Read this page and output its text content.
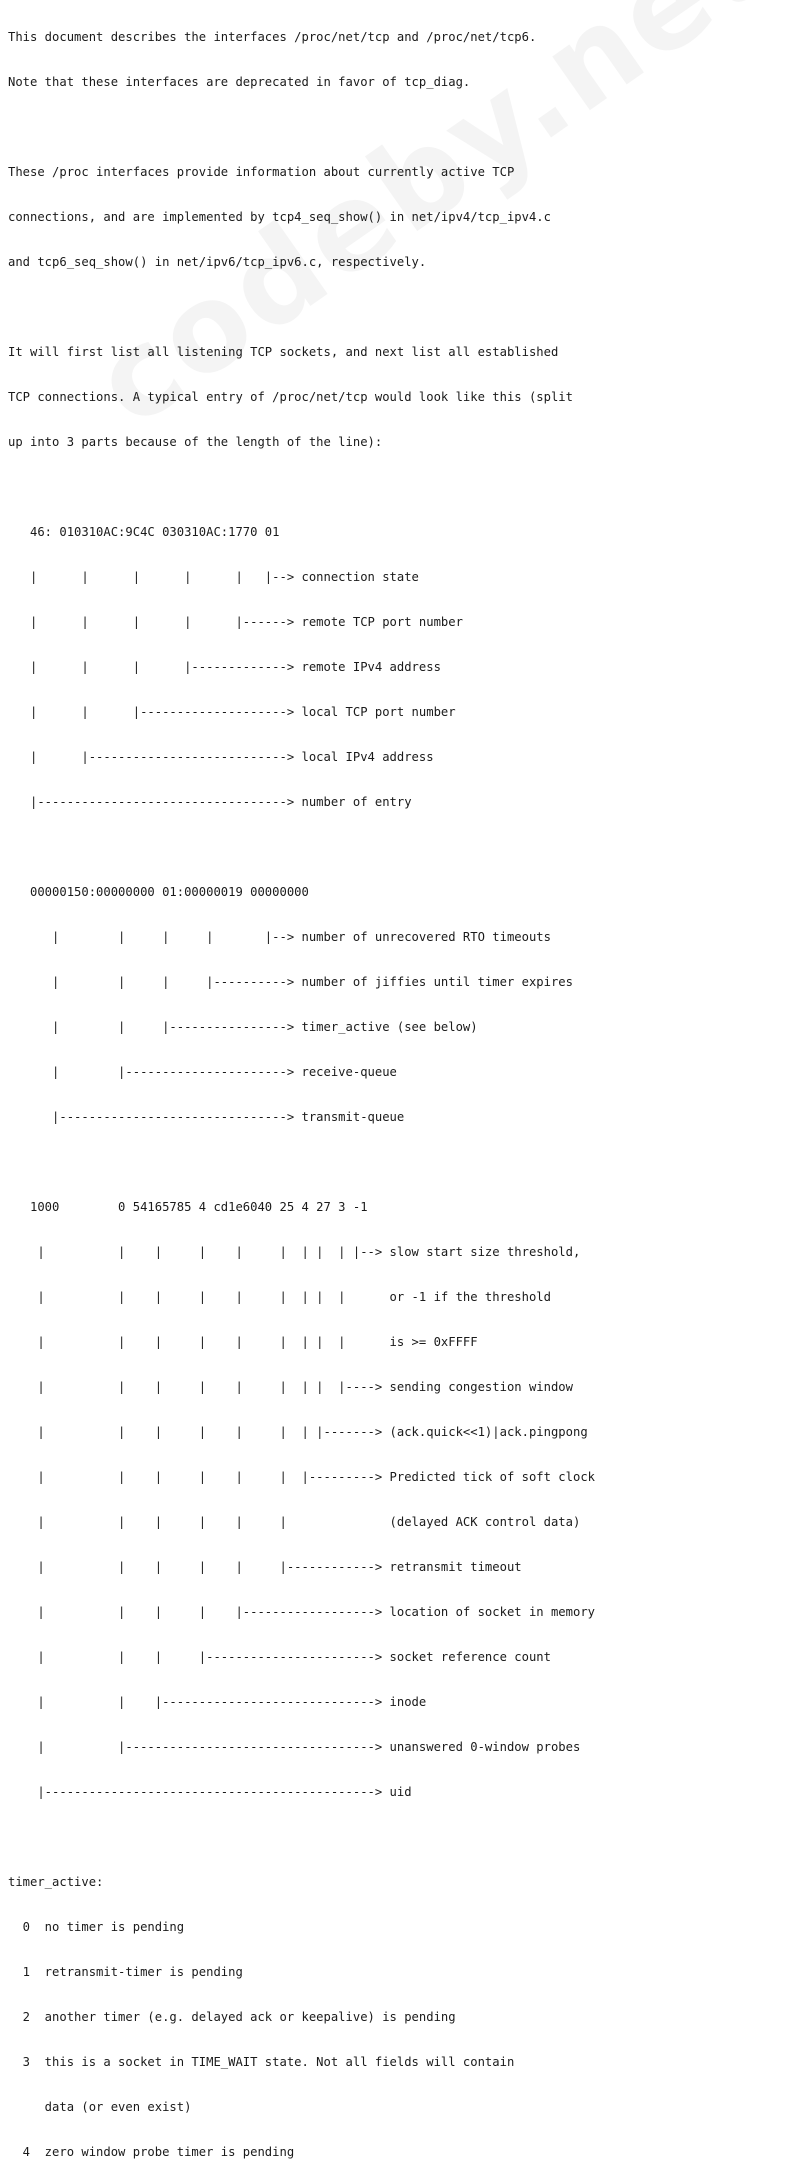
This document describes the interfaces /proc/net/tcp and /proc/net/tcp6.

Note that these interfaces are deprecated in favor of tcp_diag.

These /proc interfaces provide information about currently active TCP

connections, and are implemented by tcp4_seq_show() in net/ipv4/tcp_ipv4.c

and tcp6_seq_show() in net/ipv6/tcp_ipv6.c, respectively.

It will first list all listening TCP sockets, and next list all established

TCP connections. A typical entry of /proc/net/tcp would look like this (split

up into 3 parts because of the length of the line):

46: 010310AC:9C4C 030310AC:1770 01

|      |      |      |      |   |--> connection state

|      |      |      |      |------> remote TCP port number

|      |      |      |-------------> remote IPv4 address

|      |      |--------------------> local TCP port number

|      |---------------------------> local IPv4 address

|----------------------------------> number of entry

00000150:00000000 01:00000019 00000000

|        |     |     |       |--> number of unrecovered RTO timeouts

|        |     |     |----------> number of jiffies until timer expires

|        |     |----------------> timer_active (see below)

|        |----------------------> receive-queue

|-------------------------------> transmit-queue

1000        0 54165785 4 cd1e6040 25 4 27 3 -1

|          |    |     |    |     |  | |  | |--> slow start size threshold,

|          |    |     |    |     |  | |  |      or -1 if the threshold

|          |    |     |    |     |  | |  |      is >= 0xFFFF

|          |    |     |    |     |  | |  |----> sending congestion window

|          |    |     |    |     |  | |-------> (ack.quick<<1)|ack.pingpong

|          |    |     |    |     |  |---------> Predicted tick of soft clock

|          |    |     |    |     |              (delayed ACK control data)

|          |    |     |    |     |------------> retransmit timeout

|          |    |     |    |------------------> location of socket in memory

|          |    |     |-----------------------> socket reference count

|          |    |-----------------------------> inode

|          |----------------------------------> unanswered 0-window probes

|---------------------------------------------> uid

timer_active:

0  no timer is pending

1  retransmit-timer is pending

2  another timer (e.g. delayed ack or keepalive) is pending

3  this is a socket in TIME_WAIT state. Not all fields will contain

data (or even exist)

4  zero window probe timer is pending
